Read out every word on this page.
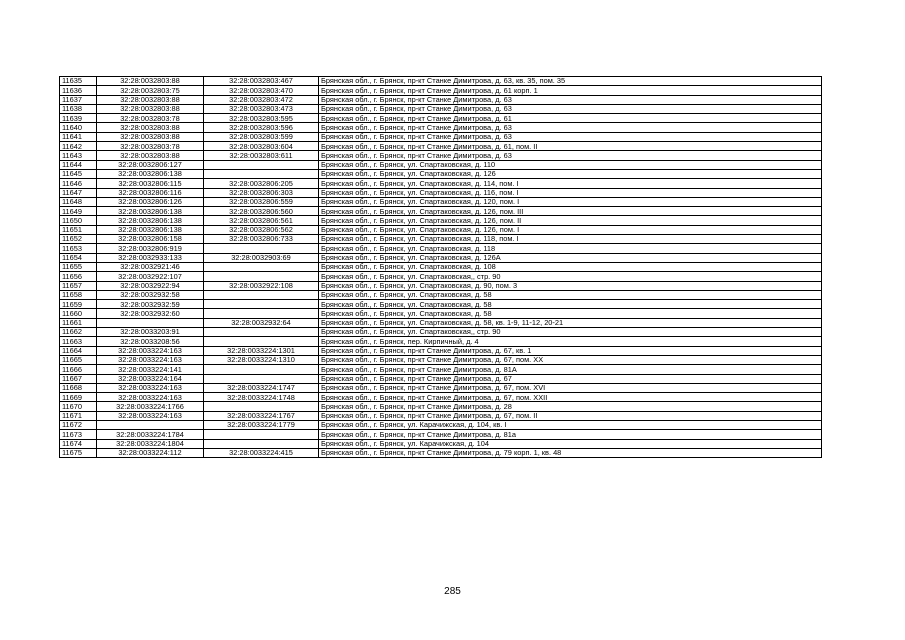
11635	32:28:0032803:88	32:28:0032803:467	Брянская обл., г. Брянск, пр-кт Станке Димитрова, д. 63, кв. 35, пом. 35
11636	32:28:0032803:75	32:28:0032803:470	Брянская обл., г. Брянск, пр-кт Станке Димитрова, д. 61 корп. 1
11637	32:28:0032803:88	32:28:0032803:472	Брянская обл., г. Брянск, пр-кт Станке Димитрова, д. 63
11638	32:28:0032803:88	32:28:0032803:473	Брянская обл., г. Брянск, пр-кт Станке Димитрова, д. 63
11639	32:28:0032803:78	32:28:0032803:595	Брянская обл., г. Брянск, пр-кт Станке Димитрова, д. 61
11640	32:28:0032803:88	32:28:0032803:596	Брянская обл., г. Брянск, пр-кт Станке Димитрова, д. 63
11641	32:28:0032803:88	32:28:0032803:599	Брянская обл., г. Брянск, пр-кт Станке Димитрова, д. 63
11642	32:28:0032803:78	32:28:0032803:604	Брянская обл., г. Брянск, пр-кт Станке Димитрова, д. 61, пом. II
11643	32:28:0032803:88	32:28:0032803:611	Брянская обл., г. Брянск, пр-кт Станке Димитрова, д. 63
11644	32:28:0032806:127		Брянская обл., г. Брянск, ул. Спартаковская, д. 110
11645	32:28:0032806:138		Брянская обл., г. Брянск, ул. Спартаковская, д. 126
11646	32:28:0032806:115	32:28:0032806:205	Брянская обл., г. Брянск, ул. Спартаковская, д. 114, пом. I
11647	32:28:0032806:116	32:28:0032806:303	Брянская обл., г. Брянск, ул. Спартаковская, д. 116, пом. I
11648	32:28:0032806:126	32:28:0032806:559	Брянская обл., г. Брянск, ул. Спартаковская, д. 120, пом. I
11649	32:28:0032806:138	32:28:0032806:560	Брянская обл., г. Брянск, ул. Спартаковская, д. 126, пом. III
11650	32:28:0032806:138	32:28:0032806:561	Брянская обл., г. Брянск, ул. Спартаковская, д. 126, пом. II
11651	32:28:0032806:138	32:28:0032806:562	Брянская обл., г. Брянск, ул. Спартаковская, д. 126, пом. I
11652	32:28:0032806:158	32:28:0032806:733	Брянская обл., г. Брянск, ул. Спартаковская, д. 118, пом. I
11653	32:28:0032806:919		Брянская обл., г. Брянск, ул. Спартаковская, д. 118
11654	32:28:0032933:133	32:28:0032903:69	Брянская обл., г. Брянск, ул. Спартаковская, д. 126А
11655	32:28:0032921:46		Брянская обл., г. Брянск, ул. Спартаковская, д. 108
11656	32:28:0032922:107		Брянская обл., г. Брянск, ул. Спартаковская,, стр. 90
11657	32:28:0032922:94	32:28:0032922:108	Брянская обл., г. Брянск, ул. Спартаковская, д. 90, пом. 3
11658	32:28:0032932:58		Брянская обл., г. Брянск, ул. Спартаковская, д. 58
11659	32:28:0032932:59		Брянская обл., г. Брянск, ул. Спартаковская, д. 58
11660	32:28:0032932:60		Брянская обл., г. Брянск, ул. Спартаковская, д. 58
11661		32:28:0032932:64	Брянская обл., г. Брянск, ул. Спартаковская, д. 58, кв. 1-9, 11-12, 20-21
11662	32:28:0033203:91		Брянская обл., г. Брянск, ул. Спартаковская,, стр. 90
11663	32:28:0033208:56		Брянская обл., г. Брянск, пер. Кирпичный, д. 4
11664	32:28:0033224:163	32:28:0033224:1301	Брянская обл., г. Брянск, пр-кт Станке Димитрова, д. 67, кв. 1
11665	32:28:0033224:163	32:28:0033224:1310	Брянская обл., г. Брянск, пр-кт Станке Димитрова, д. 67, пом. XX
11666	32:28:0033224:141		Брянская обл., г. Брянск, пр-кт Станке Димитрова, д. 81А
11667	32:28:0033224:164		Брянская обл., г. Брянск, пр-кт Станке Димитрова, д. 67
11668	32:28:0033224:163	32:28:0033224:1747	Брянская обл., г. Брянск, пр-кт Станке Димитрова, д. 67, пом. XVI
11669	32:28:0033224:163	32:28:0033224:1748	Брянская обл., г. Брянск, пр-кт Станке Димитрова, д. 67, пом. XXII
11670	32:28:0033224:1766		Брянская обл., г. Брянск, пр-кт Станке Димитрова, д. 28
11671	32:28:0033224:163	32:28:0033224:1767	Брянская обл., г. Брянск, пр-кт Станке Димитрова, д. 67, пом. II
11672		32:28:0033224:1779	Брянская обл., г. Брянск, ул. Карачижская, д. 104, кв. I
11673	32:28:0033224:1784		Брянская обл., г. Брянск, пр-кт Станке Димитрова, д. 81а
11674	32:28:0033224:1804		Брянская обл., г. Брянск, ул. Карачижская, д. 104
11675	32:28:0033224:112	32:28:0033224:415	Брянская обл., г. Брянск, пр-кт Станке Димитрова, д. 79 корп. 1, кв. 48
285
